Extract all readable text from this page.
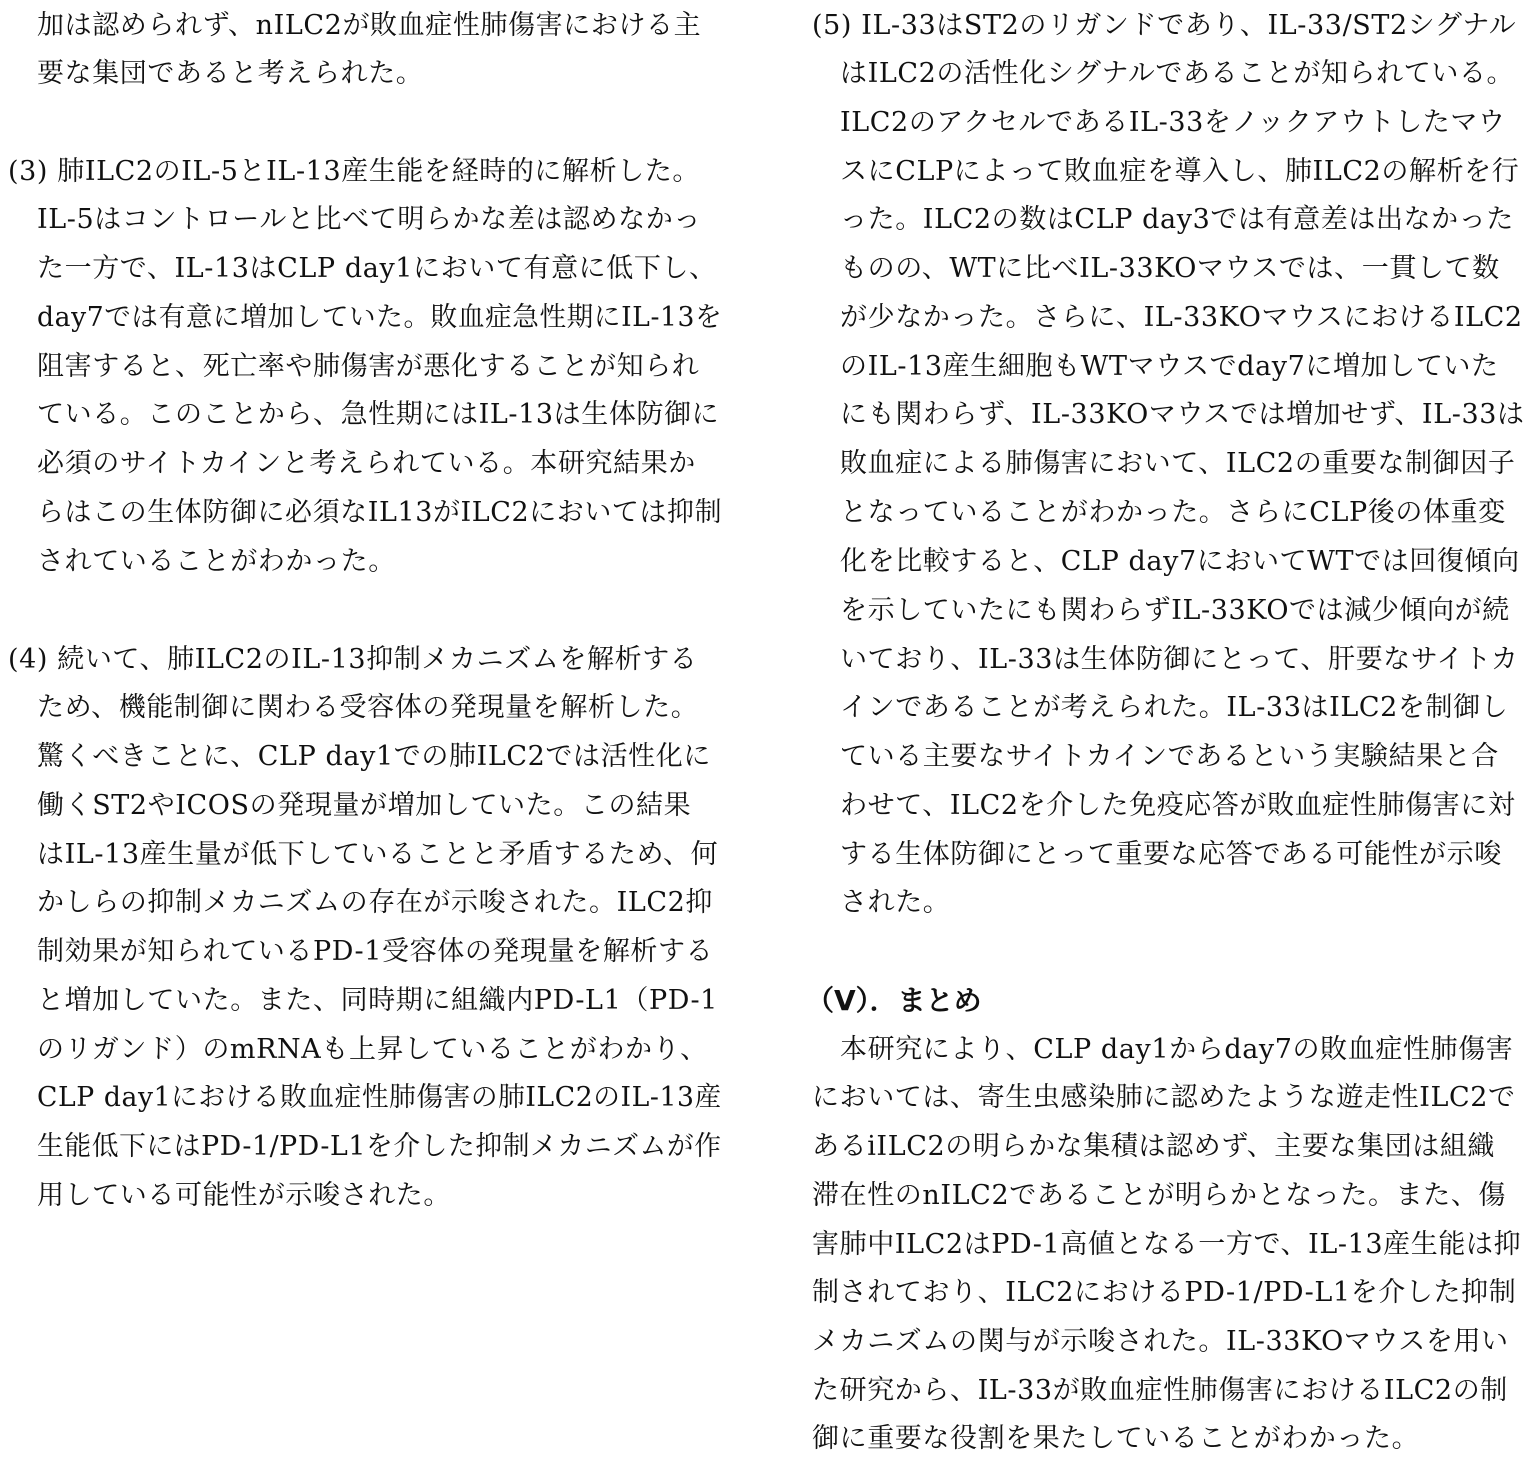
加は認められず、nILC2が敗血症性肺傷害における主
要な集団であると考えられた。
(3) 肺ILC2のIL-5とIL-13産生能を経時的に解析した。
IL-5はコントロールと比べて明らかな差は認めなかっ
た一方で、IL-13はCLP day1において有意に低下し、
day7では有意に増加していた。敗血症急性期にIL-13を
阻害すると、死亡率や肺傷害が悪化することが知られ
ている。このことから、急性期にはIL-13は生体防御に
必須のサイトカインと考えられている。本研究結果か
らはこの生体防御に必須なIL13がILC2においては抑制
されていることがわかった。
(4) 続いて、肺ILC2のIL-13抑制メカニズムを解析する
ため、機能制御に関わる受容体の発現量を解析した。
驚くべきことに、CLP day1での肺ILC2では活性化に
働くST2やICOSの発現量が増加していた。この結果
はIL-13産生量が低下していることと矛盾するため、何
かしらの抑制メカニズムの存在が示唆された。ILC2抑
制効果が知られているPD-1受容体の発現量を解析する
と増加していた。また、同時期に組織内PD-L1（PD-1
のリガンド）のmRNAも上昇していることがわかり、
CLP day1における敗血症性肺傷害の肺ILC2のIL-13産
生能低下にはPD-1/PD-L1を介した抑制メカニズムが作
用している可能性が示唆された。
(5) IL-33はST2のリガンドであり、IL-33/ST2シグナル
はILC2の活性化シグナルであることが知られている。
ILC2のアクセルであるIL-33をノックアウトしたマウ
スにCLPによって敗血症を導入し、肺ILC2の解析を行
った。ILC2の数はCLP day3では有意差は出なかった
ものの、WTに比べIL-33KOマウスでは、一貫して数
が少なかった。さらに、IL-33KOマウスにおけるILC2
のIL-13産生細胞もWTマウスでday7に増加していた
にも関わらず、IL-33KOマウスでは増加せず、IL-33は
敗血症による肺傷害において、ILC2の重要な制御因子
となっていることがわかった。さらにCLP後の体重変
化を比較すると、CLP day7においてWTでは回復傾向
を示していたにも関わらずIL-33KOでは減少傾向が続
いており、IL-33は生体防御にとって、肝要なサイトカ
インであることが考えられた。IL-33はILC2を制御し
ている主要なサイトカインであるという実験結果と合
わせて、ILC2を介した免疫応答が敗血症性肺傷害に対
する生体防御にとって重要な応答である可能性が示唆
された。
（V）．まとめ
本研究により、CLP day1からday7の敗血症性肺傷害
においては、寄生虫感染肺に認めたような遊走性ILC2で
あるiILC2の明らかな集積は認めず、主要な集団は組織
滞在性のnILC2であることが明らかとなった。また、傷
害肺中ILC2はPD-1高値となる一方で、IL-13産生能は抑
制されており、ILC2におけるPD-1/PD-L1を介した抑制
メカニズムの関与が示唆された。IL-33KOマウスを用い
た研究から、IL-33が敗血症性肺傷害におけるILC2の制
御に重要な役割を果たしていることがわかった。
